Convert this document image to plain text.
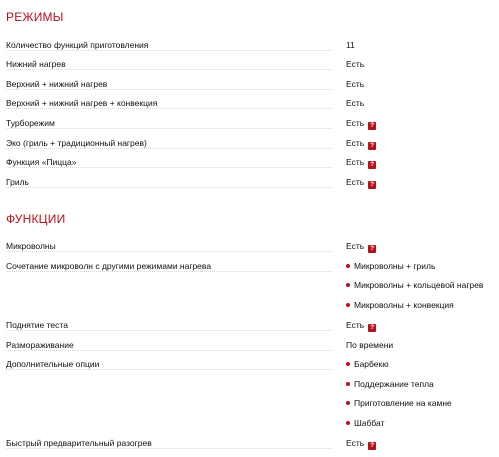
РЕЖИМЫ
Количество функций приготовления	11
Нижний нагрев	Есть
Верхний + нижний нагрев	Есть
Верхний + нижний нагрев + конвекция	Есть
Турборежим	Есть ?
Эко (гриль + традиционный нагрев)	Есть ?
Функция «Пицца»	Есть ?
Гриль	Есть ?
ФУНКЦИИ
Микроволны	Есть ?
Сочетание микроволн с другими режимами нагрева	Микроволны + гриль
Микроволны + кольцевой нагрев
Микроволны + конвекция
Поднятие теста	Есть ?
Размораживание	По времени
Дополнительные опции	Барбекю
Поддержание тепла
Приготовление на камне
Шаббат
Быстрый предварительный разогрев	Есть ?
